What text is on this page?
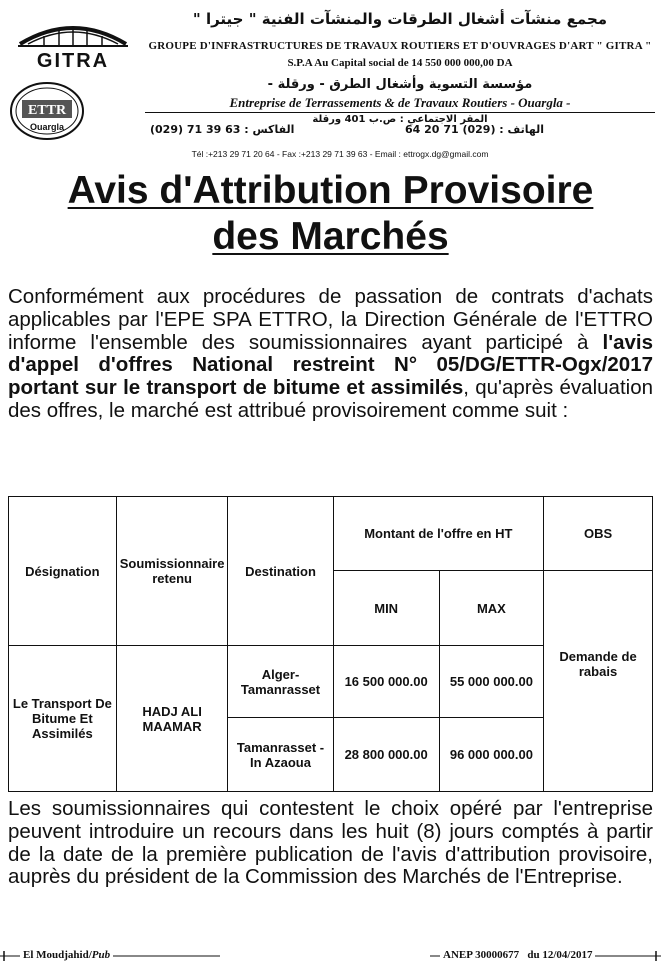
GITRA
مجمع منشآت أشغال الطرقات والمنشآت الفنية " جيترا "
GROUPE D'INFRASTRUCTURES DE TRAVAUX ROUTIERS ET D'OUVRAGES D'ART " GITRA "
S.P.A Au Capital social de 14 550 000 000,00 DA
ETTR
Ouargla
مؤسسة التسوية وأشغال الطرق - ورقلة -
Entreprise de Terrassements & de Travaux Routiers - Ouargla -
المقر الاجتماعي : ص.ب 401 ورقلة
الهاتف : (029) 71 20 64
(029) 71 39 63 : الفاكس
Tél :+213 29 71 20 64 - Fax :+213 29 71 39 63 - Email : ettrogx.dg@gmail.com
Avis d'Attribution Provisoire
des Marchés
Conformément aux procédures de passation de contrats d'achats applicables par l'EPE SPA ETTRO, la Direction Générale de l'ETTRO informe l'ensemble des soumissionnaires ayant participé à l'avis d'appel d'offres National restreint N° 05/DG/ETTR-Ogx/2017 portant sur le transport de bitume et assimilés, qu'après évaluation des offres, le marché est attribué provisoirement comme suit :
Désignation	Soumissionnaire retenu	Destination	Montant de l'offre en HT		OBS
			MIN	MAX	Demande de rabais
Le Transport De Bitume Et Assimilés	HADJ ALI MAAMAR	Alger-Tamanrasset	16 500 000.00	55 000 000.00	
		Tamanrasset - In Azaoua	28 800 000.00	96 000 000.00	
Les soumissionnaires qui contestent le choix opéré par l'entreprise peuvent introduire un recours dans les huit (8) jours comptés à partir de la date de la première publication de l'avis d'attribution provisoire, auprès du président de la Commission des Marchés de l'Entreprise.
El Moudjahid/Pub	ANEP 30000677 du 12/04/2017
